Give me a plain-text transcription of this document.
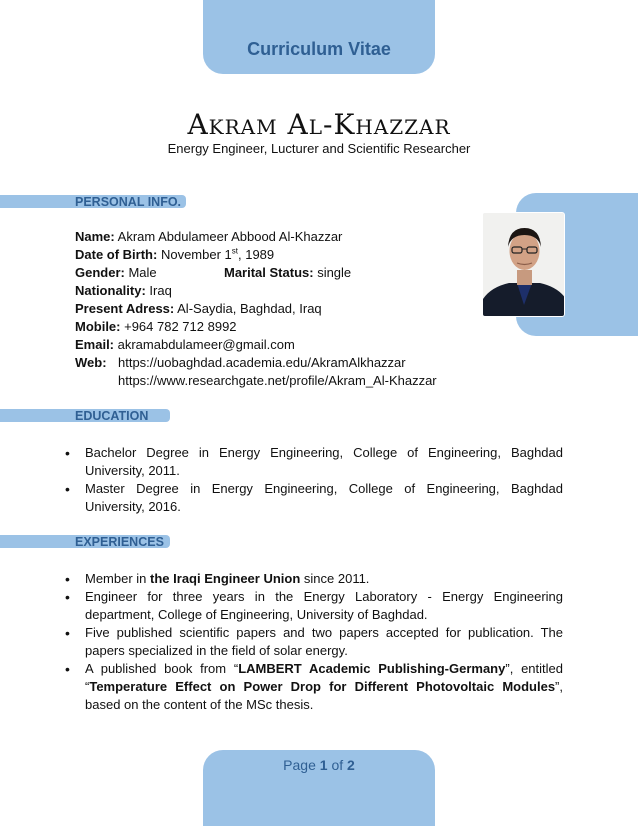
Curriculum Vitae
Akram Al-Khazzar
Energy Engineer, Lucturer and Scientific Researcher
PERSONAL INFO.
Name: Akram Abdulameer Abbood Al-Khazzar
Date of Birth: November 1st, 1989
Gender: Male	Marital Status: single
Nationality: Iraq
Present Adress: Al-Saydia, Baghdad, Iraq
Mobile: +964 782 712 8992
Email: akramabdulameer@gmail.com
Web: https://uobaghdad.academia.edu/AkramAlkhazzar
https://www.researchgate.net/profile/Akram_Al-Khazzar
EDUCATION
• Bachelor Degree in Energy Engineering, College of Engineering, Baghdad University, 2011.
• Master Degree in Energy Engineering, College of Engineering, Baghdad University, 2016.
EXPERIENCES
• Member in the Iraqi Engineer Union since 2011.
• Engineer for three years in the Energy Laboratory - Energy Engineering department, College of Engineering, University of Baghdad.
• Five published scientific papers and two papers accepted for publication. The papers specialized in the field of solar energy.
• A published book from “LAMBERT Academic Publishing-Germany”, entitled “Temperature Effect on Power Drop for Different Photovoltaic Modules”, based on the content of the MSc thesis.
Page 1 of 2
